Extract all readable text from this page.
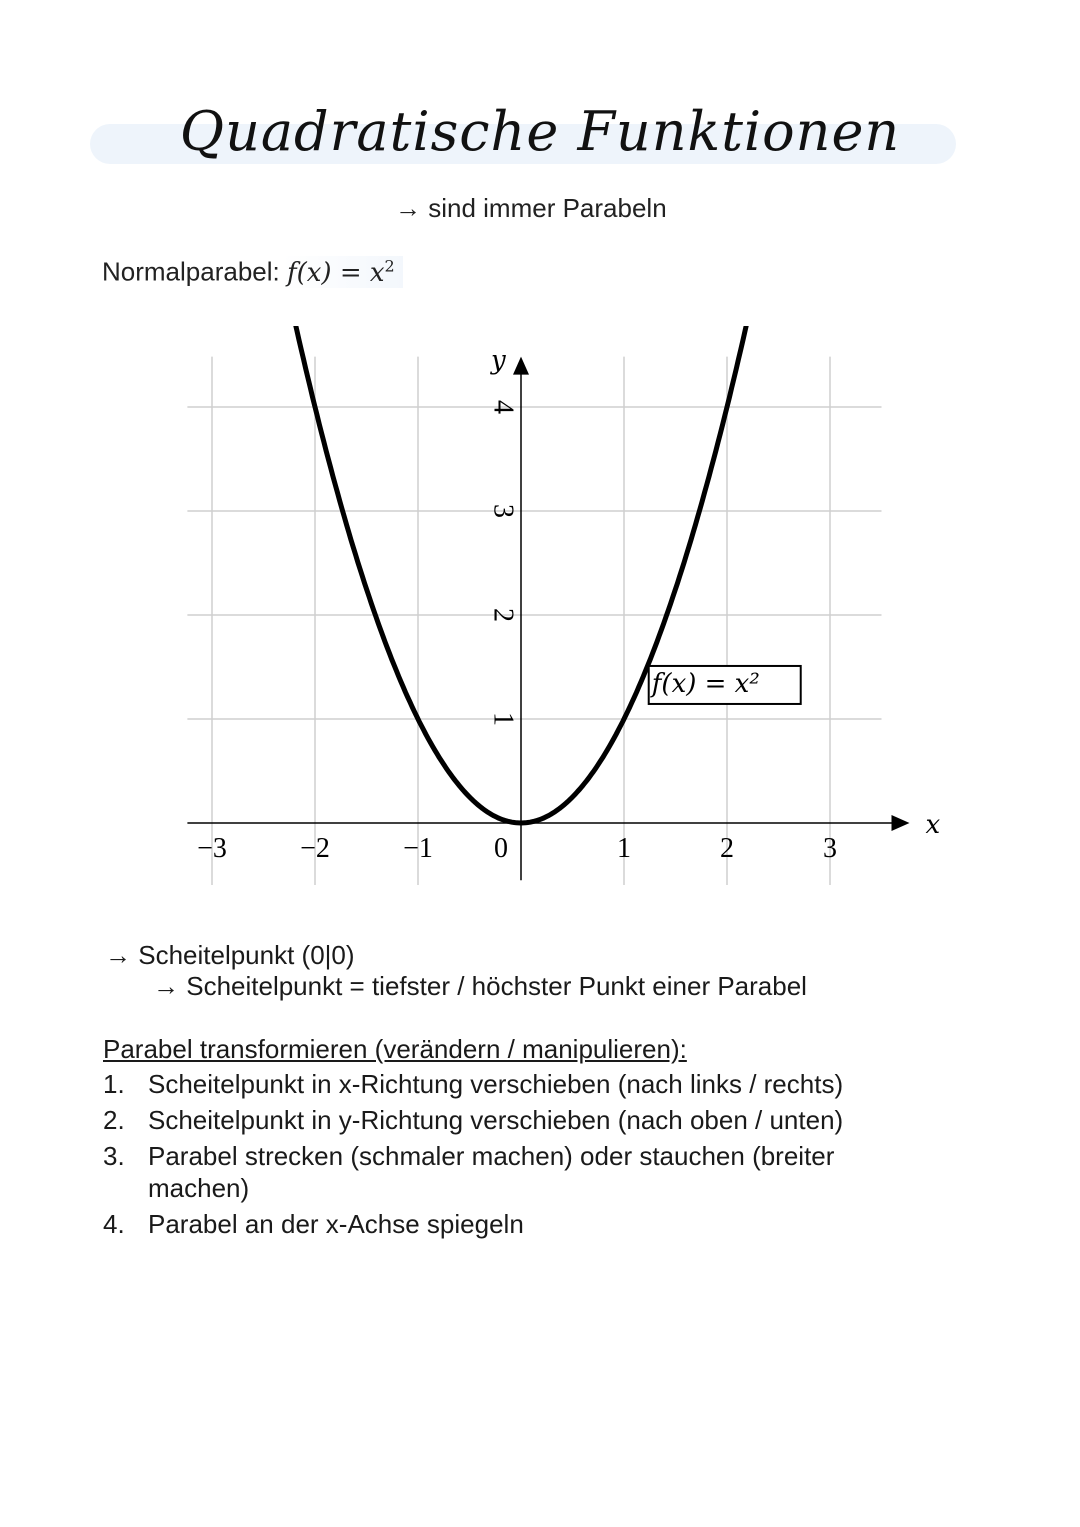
Quadratische Funktionen
→ sind immer Parabeln
Normalparabel: $f(x) = x^2$
−3	−2	−1 0	1	2	3
1
2
3
4
f(x) = x²
x
y
→ Scheitelpunkt (0|0)
→ Scheitelpunkt = tiefster / höchster Punkt einer Parabel
Parabel transformieren (verändern / manipulieren):
1. Scheitelpunkt in x-Richtung verschieben (nach links / rechts)
2. Scheitelpunkt in y-Richtung verschieben (nach oben / unten)
3. Parabel strecken (schmaler machen) oder stauchen (breiter machen)
4. Parabel an der x-Achse spiegeln
